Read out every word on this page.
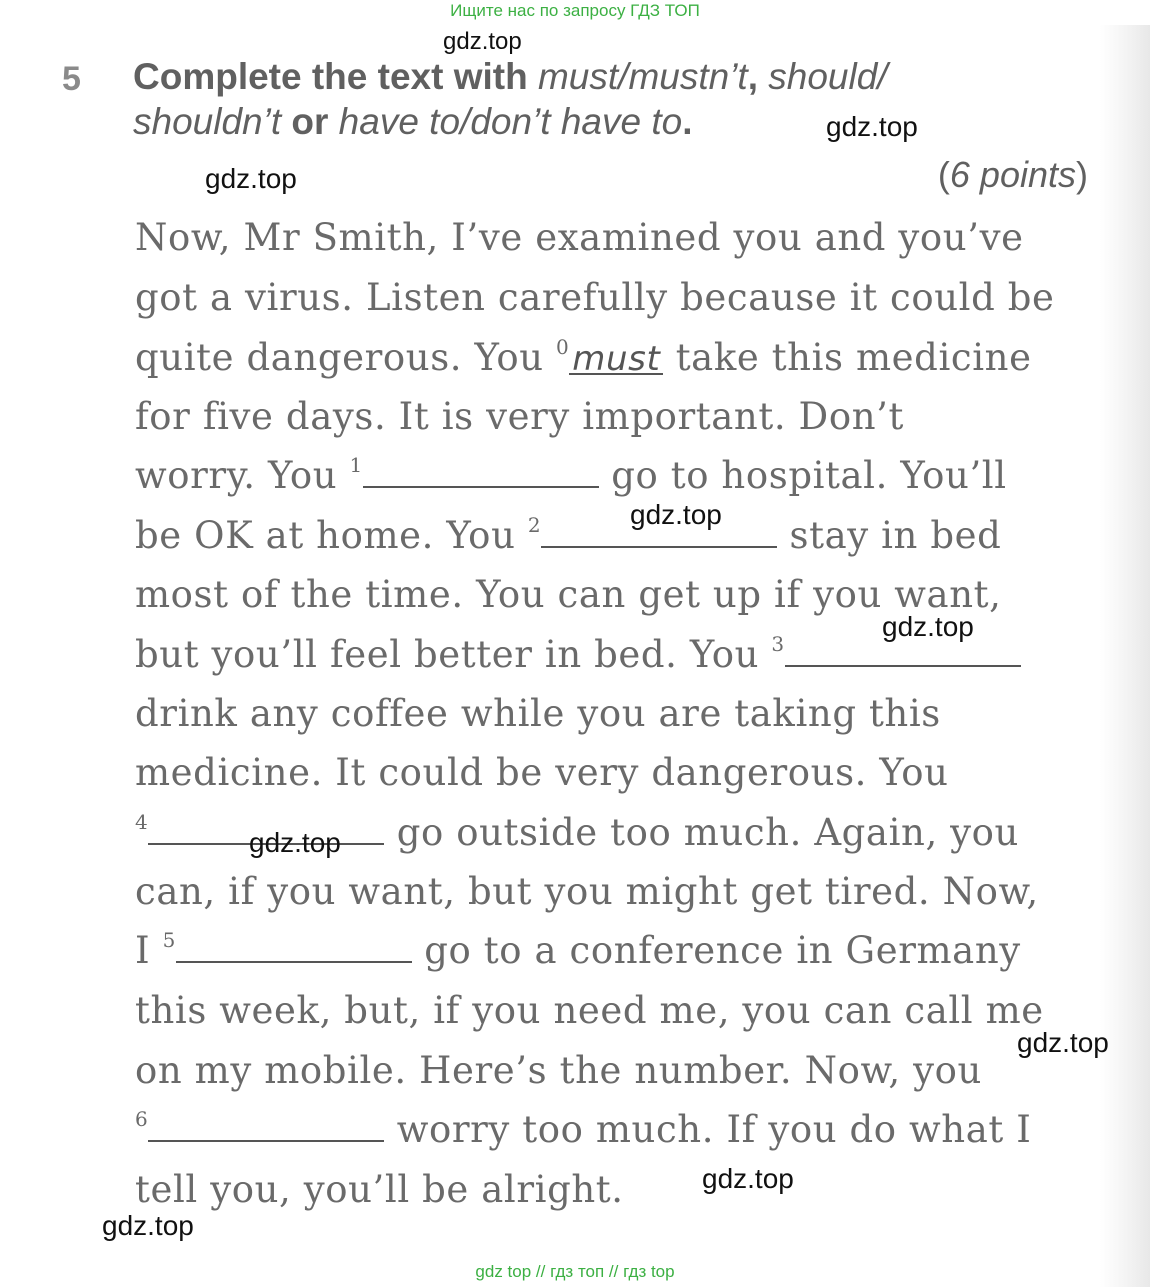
Ищите нас по запросу ГДЗ ТОП
5 Complete the text with must/mustn’t, should/
shouldn’t or have to/don’t have to.
(6 points)
Now, Mr Smith, I’ve examined you and you’ve
got a virus. Listen carefully because it could be
quite dangerous. You $^0$must take this medicine
for five days. It is very important. Don’t
worry. You $^1$	go to hospital. You’ll
be OK at home. You $^2$	stay in bed
most of the time. You can get up if you want,
but you’ll feel better in bed. You $^3$
drink any coffee while you are taking this
medicine. It could be very dangerous. You
$^4$	go outside too much. Again, you
can, if you want, but you might get tired. Now,
I $^5$	go to a conference in Germany
this week, but, if you need me, you can call me
on my mobile. Here’s the number. Now, you
$^6$	worry too much. If you do what I
tell you, you’ll be alright.
gdz.top
gdz.top
gdz.top
gdz.top
gdz.top
gdz.top
gdz.top
gdz.top
gdz.top
gdz top // гдз топ // гдз top
